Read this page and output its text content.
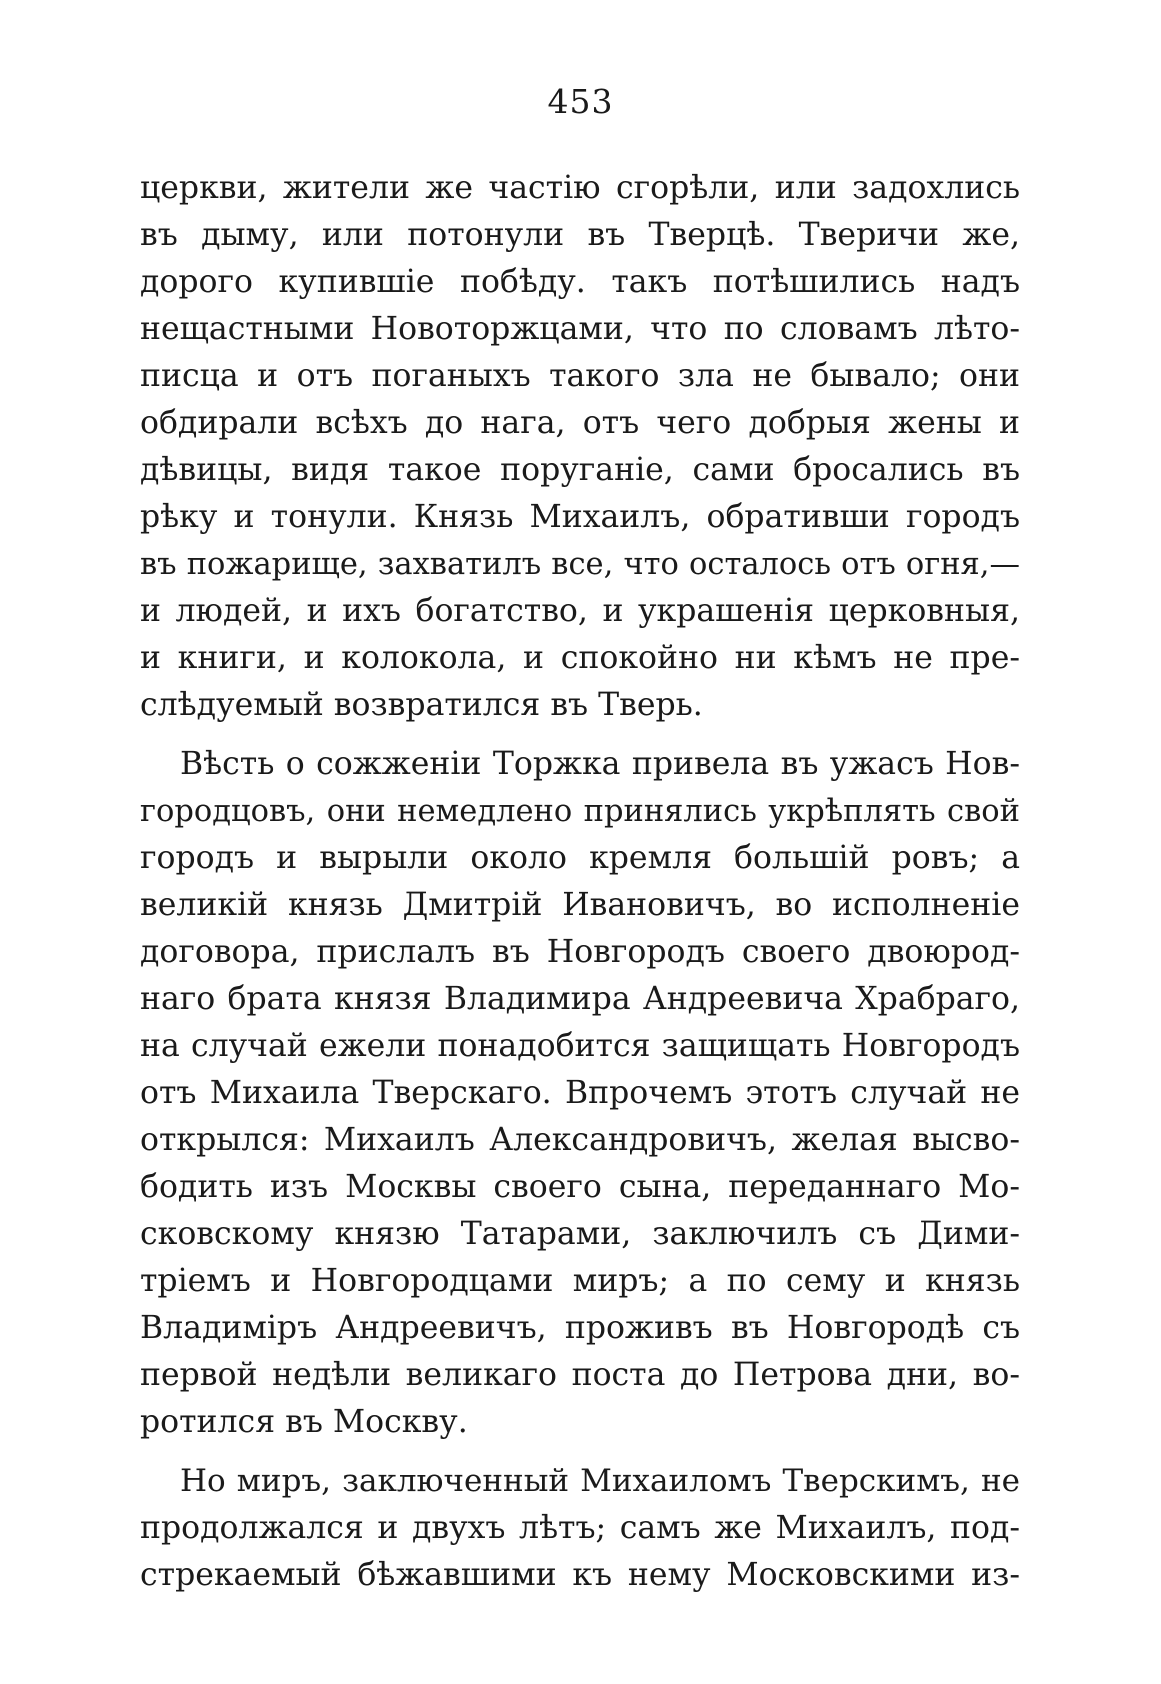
453
церкви, жители же частію сгорѣли, или задохлись
въ дыму, или потонули въ Тверцѣ. Тверичи же,
дорого купившіе побѣду. такъ потѣшились надъ
нещастными Новоторжцами, что по словамъ лѣто-
писца и отъ поганыхъ такого зла не бывало; они
обдирали всѣхъ до нага, отъ чего добрыя жены и
дѣвицы, видя такое поруганіе, сами бросались въ
рѣку и тонули. Князь Михаилъ, обративши городъ
въ пожарище, захватилъ все, что осталось отъ огня,—
и людей, и ихъ богатство, и украшенія церковныя,
и книги, и колокола, и спокойно ни кѣмъ не пре-
слѣдуемый возвратился въ Тверь.
Вѣсть о сожженіи Торжка привела въ ужасъ Нов-
городцовъ, они немедлено принялись укрѣплять свой
городъ и вырыли около кремля большій ровъ; а
великій князь Дмитрій Ивановичъ, во исполненіе
договора, прислалъ въ Новгородъ своего двоюрод-
наго брата князя Владимира Андреевича Храбраго,
на случай ежели понадобится защищать Новгородъ
отъ Михаила Тверскаго. Впрочемъ этотъ случай не
открылся: Михаилъ Александровичъ, желая высво-
бодить изъ Москвы своего сына, переданнаго Мо-
сковскому князю Татарами, заключилъ съ Дими-
тріемъ и Новгородцами миръ; а по сему и князь
Владиміръ Андреевичъ, проживъ въ Новгородѣ съ
первой недѣли великаго поста до Петрова дни, во-
ротился въ Москву.
Но миръ, заключенный Михаиломъ Тверскимъ, не
продолжался и двухъ лѣтъ; самъ же Михаилъ, под-
стрекаемый бѣжавшими къ нему Московскими из-
